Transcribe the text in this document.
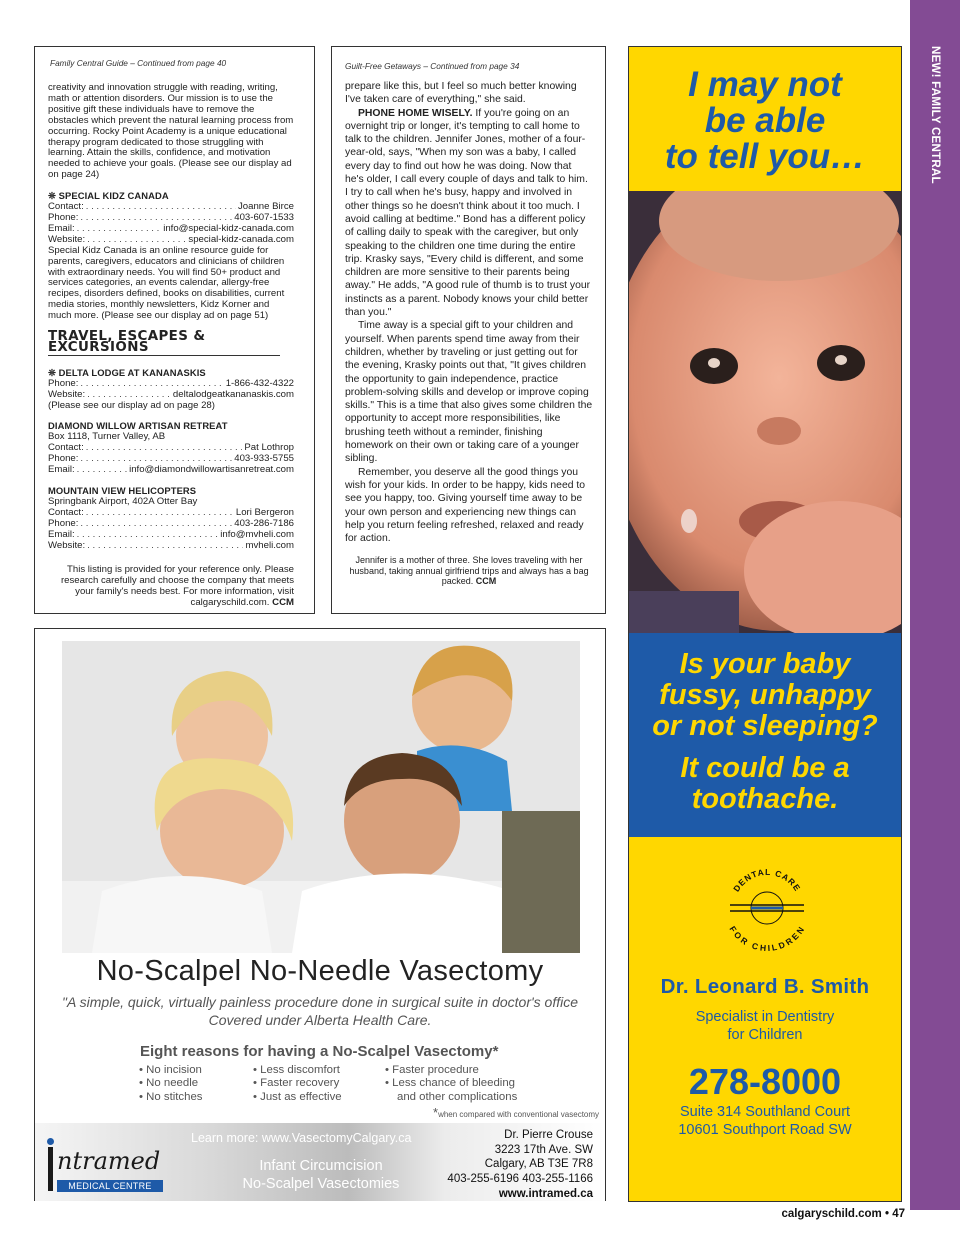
Family Central Guide – Continued from page 40
creativity and innovation struggle with reading, writing, math or attention disorders. Our mission is to use the positive gift these individuals have to remove the obstacles which prevent the natural learning process from occurring. Rocky Point Academy is a unique educational therapy program dedicated to those struggling with learning. Attain the skills, confidence, and motivation needed to achieve your goals. (Please see our display ad on page 24)
❊ SPECIAL KIDZ CANADA
Contact: . . .	Joanne Birce
Phone: . . .	403-607-1533
Email: . . .	info@special-kidz-canada.com
Website: . . .	special-kidz-canada.com
Special Kidz Canada is an online resource guide for parents, caregivers, educators and clinicians of children with extraordinary needs. You will find 50+ product and services categories, an events calendar, allergy-free recipes, disorders defined, books on disabilities, current media stories, monthly newsletters, Kidz Korner and much more. (Please see our display ad on page 51)
TRAVEL, ESCAPES & EXCURSIONS
❊ DELTA LODGE AT KANANASKIS
Phone: . . .	1-866-432-4322
Website: . . .	deltalodgeatkananaskis.com
(Please see our display ad on page 28)
DIAMOND WILLOW ARTISAN RETREAT
Box 1118, Turner Valley, AB
Contact: . . .	Pat Lothrop
Phone: . . .	403-933-5755
Email: . . .	info@diamondwillowartisanretreat.com
MOUNTAIN VIEW HELICOPTERS
Springbank Airport, 402A Otter Bay
Contact: . . .	Lori Bergeron
Phone: . . .	403-286-7186
Email: . . .	info@mvheli.com
Website: . . .	mvheli.com
This listing is provided for your reference only. Please research carefully and choose the company that meets your family's needs best. For more information, visit calgaryschild.com. CCM
Guilt-Free Getaways – Continued from page 34

prepare like this, but I feel so much better knowing I've taken care of everything," she said.

PHONE HOME WISELY. If you're going on an overnight trip or longer, it's tempting to call home to talk to the children. Jennifer Jones, mother of a four-year-old, says, "When my son was a baby, I called every day to find out how he was doing. Now that he's older, I call every couple of days and talk to him. I try to call when he's busy, happy and involved in other things so he doesn't think about it too much. I avoid calling at bedtime." Bond has a different policy of calling daily to speak with the caregiver, but only speaking to the children one time during the entire trip. Krasky says, "Every child is different, and some children are more sensitive to their parents being away." He adds, "A good rule of thumb is to trust your instincts as a parent. Nobody knows your child better than you."

Time away is a special gift to your children and yourself. When parents spend time away from their children, whether by traveling or just getting out for the evening, Krasky points out that, "It gives children the opportunity to gain independence, practice problem-solving skills and develop or improve coping skills." This is a time that also gives some children the opportunity to accept more responsibilities, like brushing teeth without a reminder, finishing homework on their own or taking care of a younger sibling.

Remember, you deserve all the good things you wish for your kids. In order to be happy, kids need to see you happy, too. Giving yourself time away to be your own person and experiencing new things can help you return feeling refreshed, relaxed and ready for action.

Jennifer is a mother of three. She loves traveling with her husband, taking annual girlfriend trips and always has a bag packed. CCM
No-Scalpel No-Needle Vasectomy
"A simple, quick, virtually painless procedure done in surgical suite in doctor's office
Covered under Alberta Health Care.
Eight reasons for having a No-Scalpel Vasectomy*
• No incision
• No needle
• No stitches
• Less discomfort
• Faster recovery
• Just as effective
• Faster procedure
• Less chance of bleeding
and other complications
*when compared with conventional vasectomy
Learn more: www.VasectomyCalgary.ca
Infant Circumcision
No-Scalpel Vasectomies
ntramed
MEDICAL CENTRE
Dr. Pierre Crouse
3223 17th Ave. SW
Calgary, AB T3E 7R8
403-255-6196 403-255-1166
www.intramed.ca
I may not
be able
to tell you…
Is your baby
fussy, unhappy
or not sleeping?
It could be a
toothache.
DENTAL CARE
FOR CHILDREN
Dr. Leonard B. Smith
Specialist in Dentistry
for Children
278-8000
Suite 314 Southland Court
10601 Southport Road SW
NEW! FAMILY CENTRAL
calgaryschild.com • 47
